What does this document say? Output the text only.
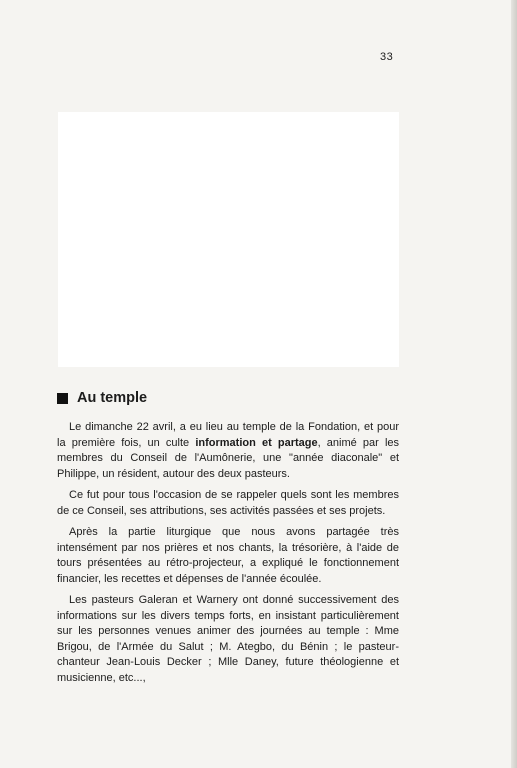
33
Au temple

Le dimanche 22 avril, a eu lieu au temple de la Fondation, et pour la première fois, un culte information et partage, animé par les membres du Conseil de l'Aumônerie, une "année diaconale" et Philippe, un résident, autour des deux pasteurs.

Ce fut pour tous l'occasion de se rappeler quels sont les membres de ce Conseil, ses attributions, ses activités passées et ses projets.

Après la partie liturgique que nous avons partagée très intensément par nos prières et nos chants, la trésorière, à l'aide de tours présentées au rétro-projecteur, a expliqué le fonctionnement financier, les recettes et dépenses de l'année écoulée.

Les pasteurs Galeran et Warnery ont donné successivement des informations sur les divers temps forts, en insistant particulièrement sur les personnes venues animer des journées au temple : Mme Brigou, de l'Armée du Salut ; M. Ategbo, du Bénin ; le pasteur-chanteur Jean-Louis Decker ; Mlle Daney, future théologienne et musicienne, etc...,
